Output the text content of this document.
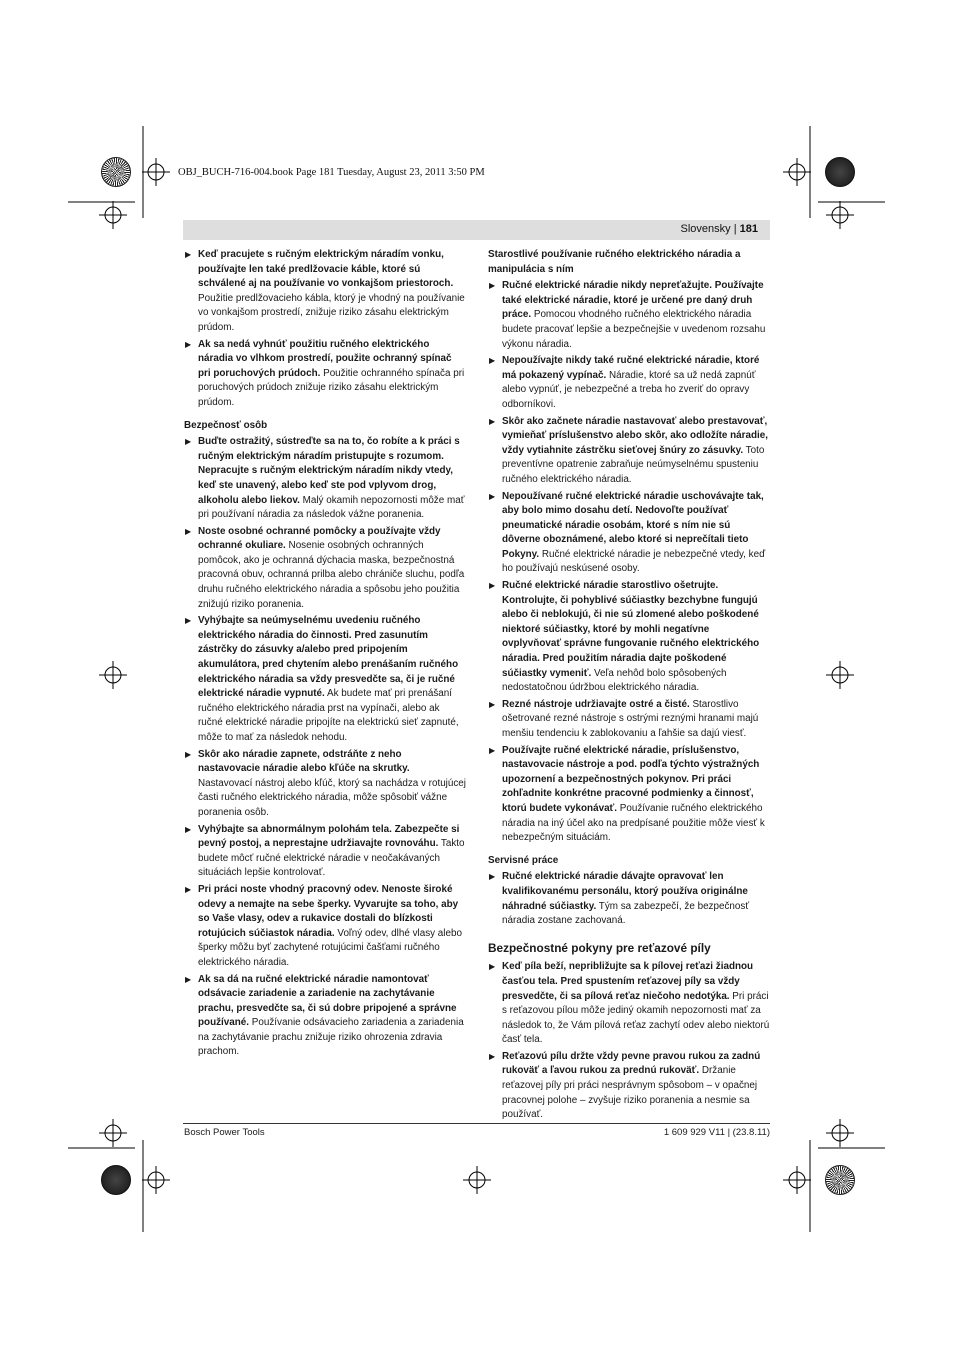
OBJ_BUCH-716-004.book Page 181 Tuesday, August 23, 2011 3:50 PM
Slovensky | 181
▶ Keď pracujete s ručným elektrickým náradím vonku, používajte len také predlžovacie káble, ktoré sú schválené aj na používanie vo vonkajšom priestoroch. Použitie predlžovacieho kábla, ktorý je vhodný na používanie vo vonkajšom prostredí, znižuje riziko zásahu elektrickým prúdom.
▶ Ak sa nedá vyhnúť použitiu ručného elektrického náradia vo vlhkom prostredí, použite ochranný spínač pri poruchových prúdoch. Použitie ochranného spínača pri poruchových prúdoch znižuje riziko zásahu elektrickým prúdom.
Bezpečnosť osôb
▶ Buďte ostražitý, sústreďte sa na to, čo robíte a k práci s ručným elektrickým náradím pristupujte s rozumom. Nepracujte s ručným elektrickým náradím nikdy vtedy, keď ste unavený, alebo keď ste pod vplyvom drog, alkoholu alebo liekov. Malý okamih nepozornosti môže mať pri používaní náradia za následok vážne poranenia.
▶ Noste osobné ochranné pomôcky a používajte vždy ochranné okuliare. Nosenie osobných ochranných pomôcok, ako je ochranná dýchacia maska, bezpečnostná pracovná obuv, ochranná prilba alebo chrániče sluchu, podľa druhu ručného elektrického náradia a spôsobu jeho použitia znižujú riziko poranenia.
▶ Vyhýbajte sa neúmyselnému uvedeniu ručného elektrického náradia do činnosti. Pred zasunutím zástrčky do zásuvky a/alebo pred pripojením akumulátora, pred chytením alebo prenášaním ručného elektrického náradia sa vždy presvedčte sa, či je ručné elektrické náradie vypnuté. Ak budete mať pri prenášaní ručného elektrického náradia prst na vypínači, alebo ak ručné elektrické náradie pripojíte na elektrickú sieť zapnuté, môže to mať za následok nehodu.
▶ Skôr ako náradie zapnete, odstráňte z neho nastavovacie náradie alebo kľúče na skrutky. Nastavovací nástroj alebo kľúč, ktorý sa nachádza v rotujúcej časti ručného elektrického náradia, môže spôsobiť vážne poranenia osôb.
▶ Vyhýbajte sa abnormálnym polohám tela. Zabezpečte si pevný postoj, a neprestajne udržiavajte rovnováhu. Takto budete môcť ručné elektrické náradie v neočakávaných situáciách lepšie kontrolovať.
▶ Pri práci noste vhodný pracovný odev. Nenoste široké odevy a nemajte na sebe šperky. Vyvarujte sa toho, aby so Vaše vlasy, odev a rukavice dostali do blízkosti rotujúcich súčiastok náradia. Voľný odev, dlhé vlasy alebo šperky môžu byť zachytené rotujúcimi čašťami ručného elektrického náradia.
▶ Ak sa dá na ručné elektrické náradie namontovať odsávacie zariadenie a zariadenie na zachytávanie prachu, presvedčte sa, či sú dobre pripojené a správne používané. Používanie odsávacieho zariadenia a zariadenia na zachytávanie prachu znižuje riziko ohrozenia zdravia prachom.
Starostlivé používanie ručného elektrického náradia a manipulácia s ním
▶ Ručné elektrické náradie nikdy nepreťažujte. Používajte také elektrické náradie, ktoré je určené pre daný druh práce. Pomocou vhodného ručného elektrického náradia budete pracovať lepšie a bezpečnejšie v uvedenom rozsahu výkonu náradia.
▶ Nepoužívajte nikdy také ručné elektrické náradie, ktoré má pokazený vypínač. Náradie, ktoré sa už nedá zapnúť alebo vypnúť, je nebezpečné a treba ho zveriť do opravy odborníkovi.
▶ Skôr ako začnete náradie nastavovať alebo prestavovať, vymieňať príslušenstvo alebo skôr, ako odložíte náradie, vždy vytiahnite zástrčku sieťovej šnúry zo zásuvky. Toto preventívne opatrenie zabraňuje neúmyselnému spusteniu ručného elektrického náradia.
▶ Nepoužívané ručné elektrické náradie uschovávajte tak, aby bolo mimo dosahu detí. Nedovoľte používať pneumatické náradie osobám, ktoré s ním nie sú dôverne oboznámené, alebo ktoré si neprečítali tieto Pokyny. Ručné elektrické náradie je nebezpečné vtedy, keď ho používajú neskúsené osoby.
▶ Ručné elektrické náradie starostlivo ošetrujte. Kontrolujte, či pohyblivé súčiastky bezchybne fungujú alebo či neblokujú, či nie sú zlomené alebo poškodené niektoré súčiastky, ktoré by mohli negatívne ovplyvňovať správne fungovanie ručného elektrického náradia. Pred použitím náradia dajte poškodené súčiastky vymeniť. Veľa nehôd bolo spôsobených nedostatočnou údržbou elektrického náradia.
▶ Rezné nástroje udržiavajte ostré a čisté. Starostlivo ošetrované rezné nástroje s ostrými reznými hranami majú menšiu tendenciu k zablokovaniu a ľahšie sa dajú viesť.
▶ Používajte ručné elektrické náradie, príslušenstvo, nastavovacie nástroje a pod. podľa týchto výstražných upozornení a bezpečnostných pokynov. Pri práci zohľadnite konkrétne pracovné podmienky a činnosť, ktorú budete vykonávať. Používanie ručného elektrického náradia na iný účel ako na predpísané použitie môže viesť k nebezpečným situáciám.
Servisné práce
▶ Ručné elektrické náradie dávajte opravovať len kvalifikovanému personálu, ktorý používa originálne náhradné súčiastky. Tým sa zabezpečí, že bezpečnosť náradia zostane zachovaná.
Bezpečnostné pokyny pre reťazové píly
▶ Keď píla beží, nepribližujte sa k pílovej reťazi žiadnou časťou tela. Pred spustením reťazovej píly sa vždy presvedčte, či sa pílová reťaz niečoho nedotýka. Pri práci s reťazovou pílou môže jediný okamih nepozornosti mať za následok to, že Vám pílová reťaz zachytí odev alebo niektorú časť tela.
▶ Reťazovú pílu držte vždy pevne pravou rukou za zadnú rukoväť a ľavou rukou za prednú rukoväť. Držanie reťazovej píly pri práci nesprávnym spôsobom – v opačnej pracovnej polohe – zvyšuje riziko poranenia a nesmie sa používať.
Bosch Power Tools	1 609 929 V11 | (23.8.11)
